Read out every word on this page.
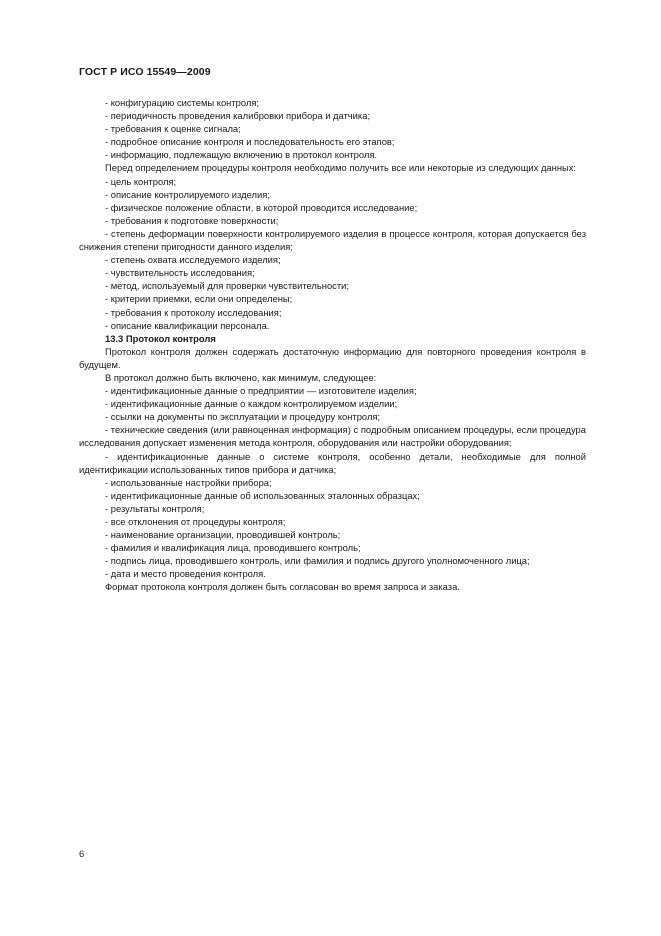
ГОСТ Р ИСО 15549—2009

- конфигурацию системы контроля;

- периодичность проведения калибровки прибора и датчика;

- требования к оценке сигнала;

- подробное описание контроля и последовательность его этапов;

- информацию, подлежащую включению в протокол контроля.

Перед определением процедуры контроля необходимо получить все или некоторые из следующих данных:

- цель контроля;

- описание контролируемого изделия;

- физическое положение области, в которой проводится исследование;

- требования к подготовке поверхности;

- степень деформации поверхности контролируемого изделия в процессе контроля, которая допускается без снижения степени пригодности данного изделия;

- степень охвата исследуемого изделия;

- чувствительность исследования;

- метод, используемый для проверки чувствительности;

- критерии приемки, если они определены;

- требования к протоколу исследования;

- описание квалификации персонала.

13.3 Протокол контроля

Протокол контроля должен содержать достаточную информацию для повторного проведения контроля в будущем.

В протокол должно быть включено, как минимум, следующее:

- идентификационные данные о предприятии — изготовителе изделия;

- идентификационные данные о каждом контролируемом изделии;

- ссылки на документы по эксплуатации и процедуру контроля;

- технические сведения (или равноценная информация) с подробным описанием процедуры, если процедура исследования допускает изменения метода контроля, оборудования или настройки оборудования;

- идентификационные данные о системе контроля, особенно детали, необходимые для полной идентификации использованных типов прибора и датчика;

- использованные настройки прибора;

- идентификационные данные об использованных эталонных образцах;

- результаты контроля;

- все отклонения от процедуры контроля;

- наименование организации, проводившей контроль;

- фамилия и квалификация лица, проводившего контроль;

- подпись лица, проводившего контроль, или фамилия и подпись другого уполномоченного лица;

- дата и место проведения контроля.

Формат протокола контроля должен быть согласован во время запроса и заказа.

6
